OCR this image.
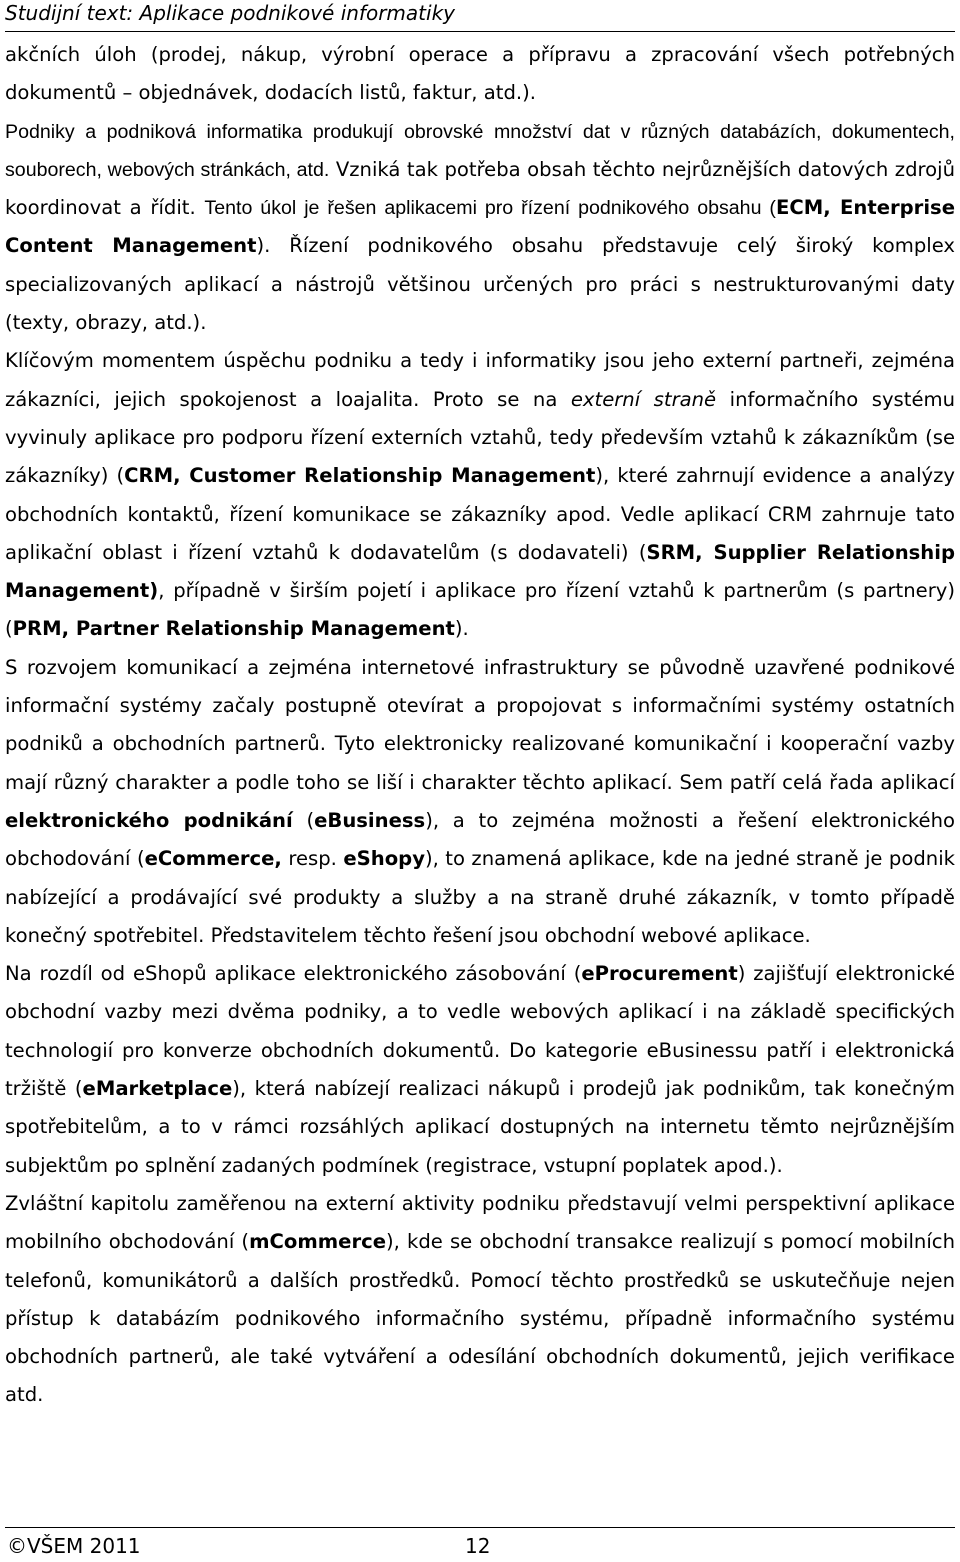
Studijní text: Aplikace podnikové informatiky

akčních úloh (prodej, nákup, výrobní operace a přípravu a zpracování všech potřebných dokumentů – objednávek, dodacích listů, faktur, atd.).
Podniky a podniková informatika produkují obrovské množství dat v různých databázích, dokumentech, souborech, webových stránkách, atd. Vzniká tak potřeba obsah těchto nejrůznějších datových zdrojů koordinovat a řídit. Tento úkol je řešen aplikacemi pro řízení podnikového obsahu (ECM, Enterprise Content Management). Řízení podnikového obsahu představuje celý široký komplex specializovaných aplikací a nástrojů většinou určených pro práci s nestrukturovanými daty (texty, obrazy, atd.).

Klíčovým momentem úspěchu podniku a tedy i informatiky jsou jeho externí partneři, zejména zákazníci, jejich spokojenost a loajalita. Proto se na externí straně informačního systému vyvinuly aplikace pro podporu řízení externích vztahů, tedy především vztahů k zákazníkům (se zákazníky) (CRM, Customer Relationship Management), které zahrnují evidence a analýzy obchodních kontaktů, řízení komunikace se zákazníky apod. Vedle aplikací CRM zahrnuje tato aplikační oblast i řízení vztahů k dodavatelům (s dodavateli) (SRM, Supplier Relationship Management), případně v širším pojetí i aplikace pro řízení vztahů k partnerům (s partnery) (PRM, Partner Relationship Management).

S rozvojem komunikací a zejména internetové infrastruktury se původně uzavřené podnikové informační systémy začaly postupně otevírat a propojovat s informačními systémy ostatních podniků a obchodních partnerů. Tyto elektronicky realizované komunikační i kooperační vazby mají různý charakter a podle toho se liší i charakter těchto aplikací. Sem patří celá řada aplikací elektronického podnikání (eBusiness), a to zejména možnosti a řešení elektronického obchodování (eCommerce, resp. eShopy), to znamená aplikace, kde na jedné straně je podnik nabízející a prodávající své produkty a služby a na straně druhé zákazník, v tomto případě konečný spotřebitel. Představitelem těchto řešení jsou obchodní webové aplikace.

Na rozdíl od eShopů aplikace elektronického zásobování (eProcurement) zajišťují elektronické obchodní vazby mezi dvěma podniky, a to vedle webových aplikací i na základě specifických technologií pro konverze obchodních dokumentů. Do kategorie eBusinessu patří i elektronická tržiště (eMarketplace), která nabízejí realizaci nákupů i prodejů jak podnikům, tak konečným spotřebitelům, a to v rámci rozsáhlých aplikací dostupných na internetu těmto nejrůznějším subjektům po splnění zadaných podmínek (registrace, vstupní poplatek apod.).

Zvláštní kapitolu zaměřenou na externí aktivity podniku představují velmi perspektivní aplikace mobilního obchodování (mCommerce), kde se obchodní transakce realizují s pomocí mobilních telefonů, komunikátorů a dalších prostředků. Pomocí těchto prostředků se uskutečňuje nejen přístup k databázím podnikového informačního systému, případně informačního systému obchodních partnerů, ale také vytváření a odesílání obchodních dokumentů, jejich verifikace atd.

©VŠEM 2011	12
